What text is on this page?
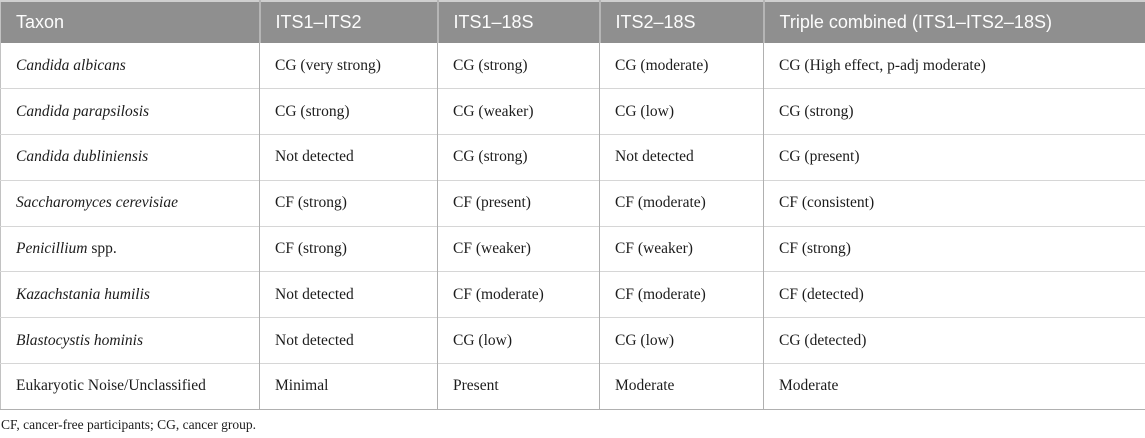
Taxon	ITS1–ITS2	ITS1–18S	ITS2–18S	Triple combined (ITS1–ITS2–18S)
Candida albicans	CG (very strong)	CG (strong)	CG (moderate)	CG (High effect, p-adj moderate)
Candida parapsilosis	CG (strong)	CG (weaker)	CG (low)	CG (strong)
Candida dubliniensis	Not detected	CG (strong)	Not detected	CG (present)
Saccharomyces cerevisiae	CF (strong)	CF (present)	CF (moderate)	CF (consistent)
Penicillium spp.	CF (strong)	CF (weaker)	CF (weaker)	CF (strong)
Kazachstania humilis	Not detected	CF (moderate)	CF (moderate)	CF (detected)
Blastocystis hominis	Not detected	CG (low)	CG (low)	CG (detected)
Eukaryotic Noise/Unclassified	Minimal	Present	Moderate	Moderate
CF, cancer-free participants; CG, cancer group.
